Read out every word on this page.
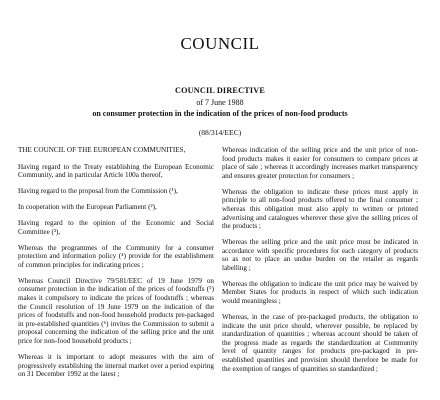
COUNCIL
COUNCIL DIRECTIVE
of 7 June 1988
on consumer protection in the indication of the prices of non-food products
(88/314/EEC)

THE COUNCIL OF THE EUROPEAN COMMUNITIES,

Having regard to the Treaty establishing the European Economic Community, and in particular Article 100a thereof,

Having regard to the proposal from the Commission (¹),

In cooperation with the European Parliament (²),

Having regard to the opinion of the Economic and Social Committee (³),

Whereas the programmes of the Community for a consumer protection and information policy (⁴) provide for the establishment of common principles for indicating prices ;

Whereas Council Directive 79/581/EEC of 19 June 1979 on consumer protection in the indication of the prices of foodstuffs (⁵) makes it compulsory to indicate the prices of foodstuffs ; whereas the Council resolution of 19 June 1979 on the indication of the prices of foodstuffs and non-food household products pre-packaged in pre-established quantities (⁶) invites the Commission to submit a proposal concerning the indication of the selling price and the unit price for non-food household products ;

Whereas it is important to adopt measures with the aim of progressively establishing the internal market over a period expiring on 31 December 1992 at the latest ;

Whereas indication of the selling price and the unit price of non-food products makes it easier for consumers to compare prices at place of sale ; whereas it accordingly increases market transparency and ensures greater protection for consumers ;

Whereas the obligation to indicate these prices must apply in principle to all non-food products offered to the final consumer ; whereas this obligation must also apply to written or printed advertising and catalogues wherever these give the selling prices of the products ;

Whereas the selling price and the unit price must be indicated in accordance with specific procedures for each category of products so as not to place an undue burden on the retailer as regards labelling ;

Whereas the obligation to indicate the unit price may be waived by Member States for products in respect of which such indication would meaningless ;

Whereas, in the case of pre-packaged products, the obligation to indicate the unit price should, wherever possible, be replaced by standardization of quantities ; whereas account should be taken of the progress made as regards the standardization at Community level of quantity ranges for products pre-packaged in pre-established quantities and provision should therefore be made for the exemption of ranges of quantities so standardized ;
